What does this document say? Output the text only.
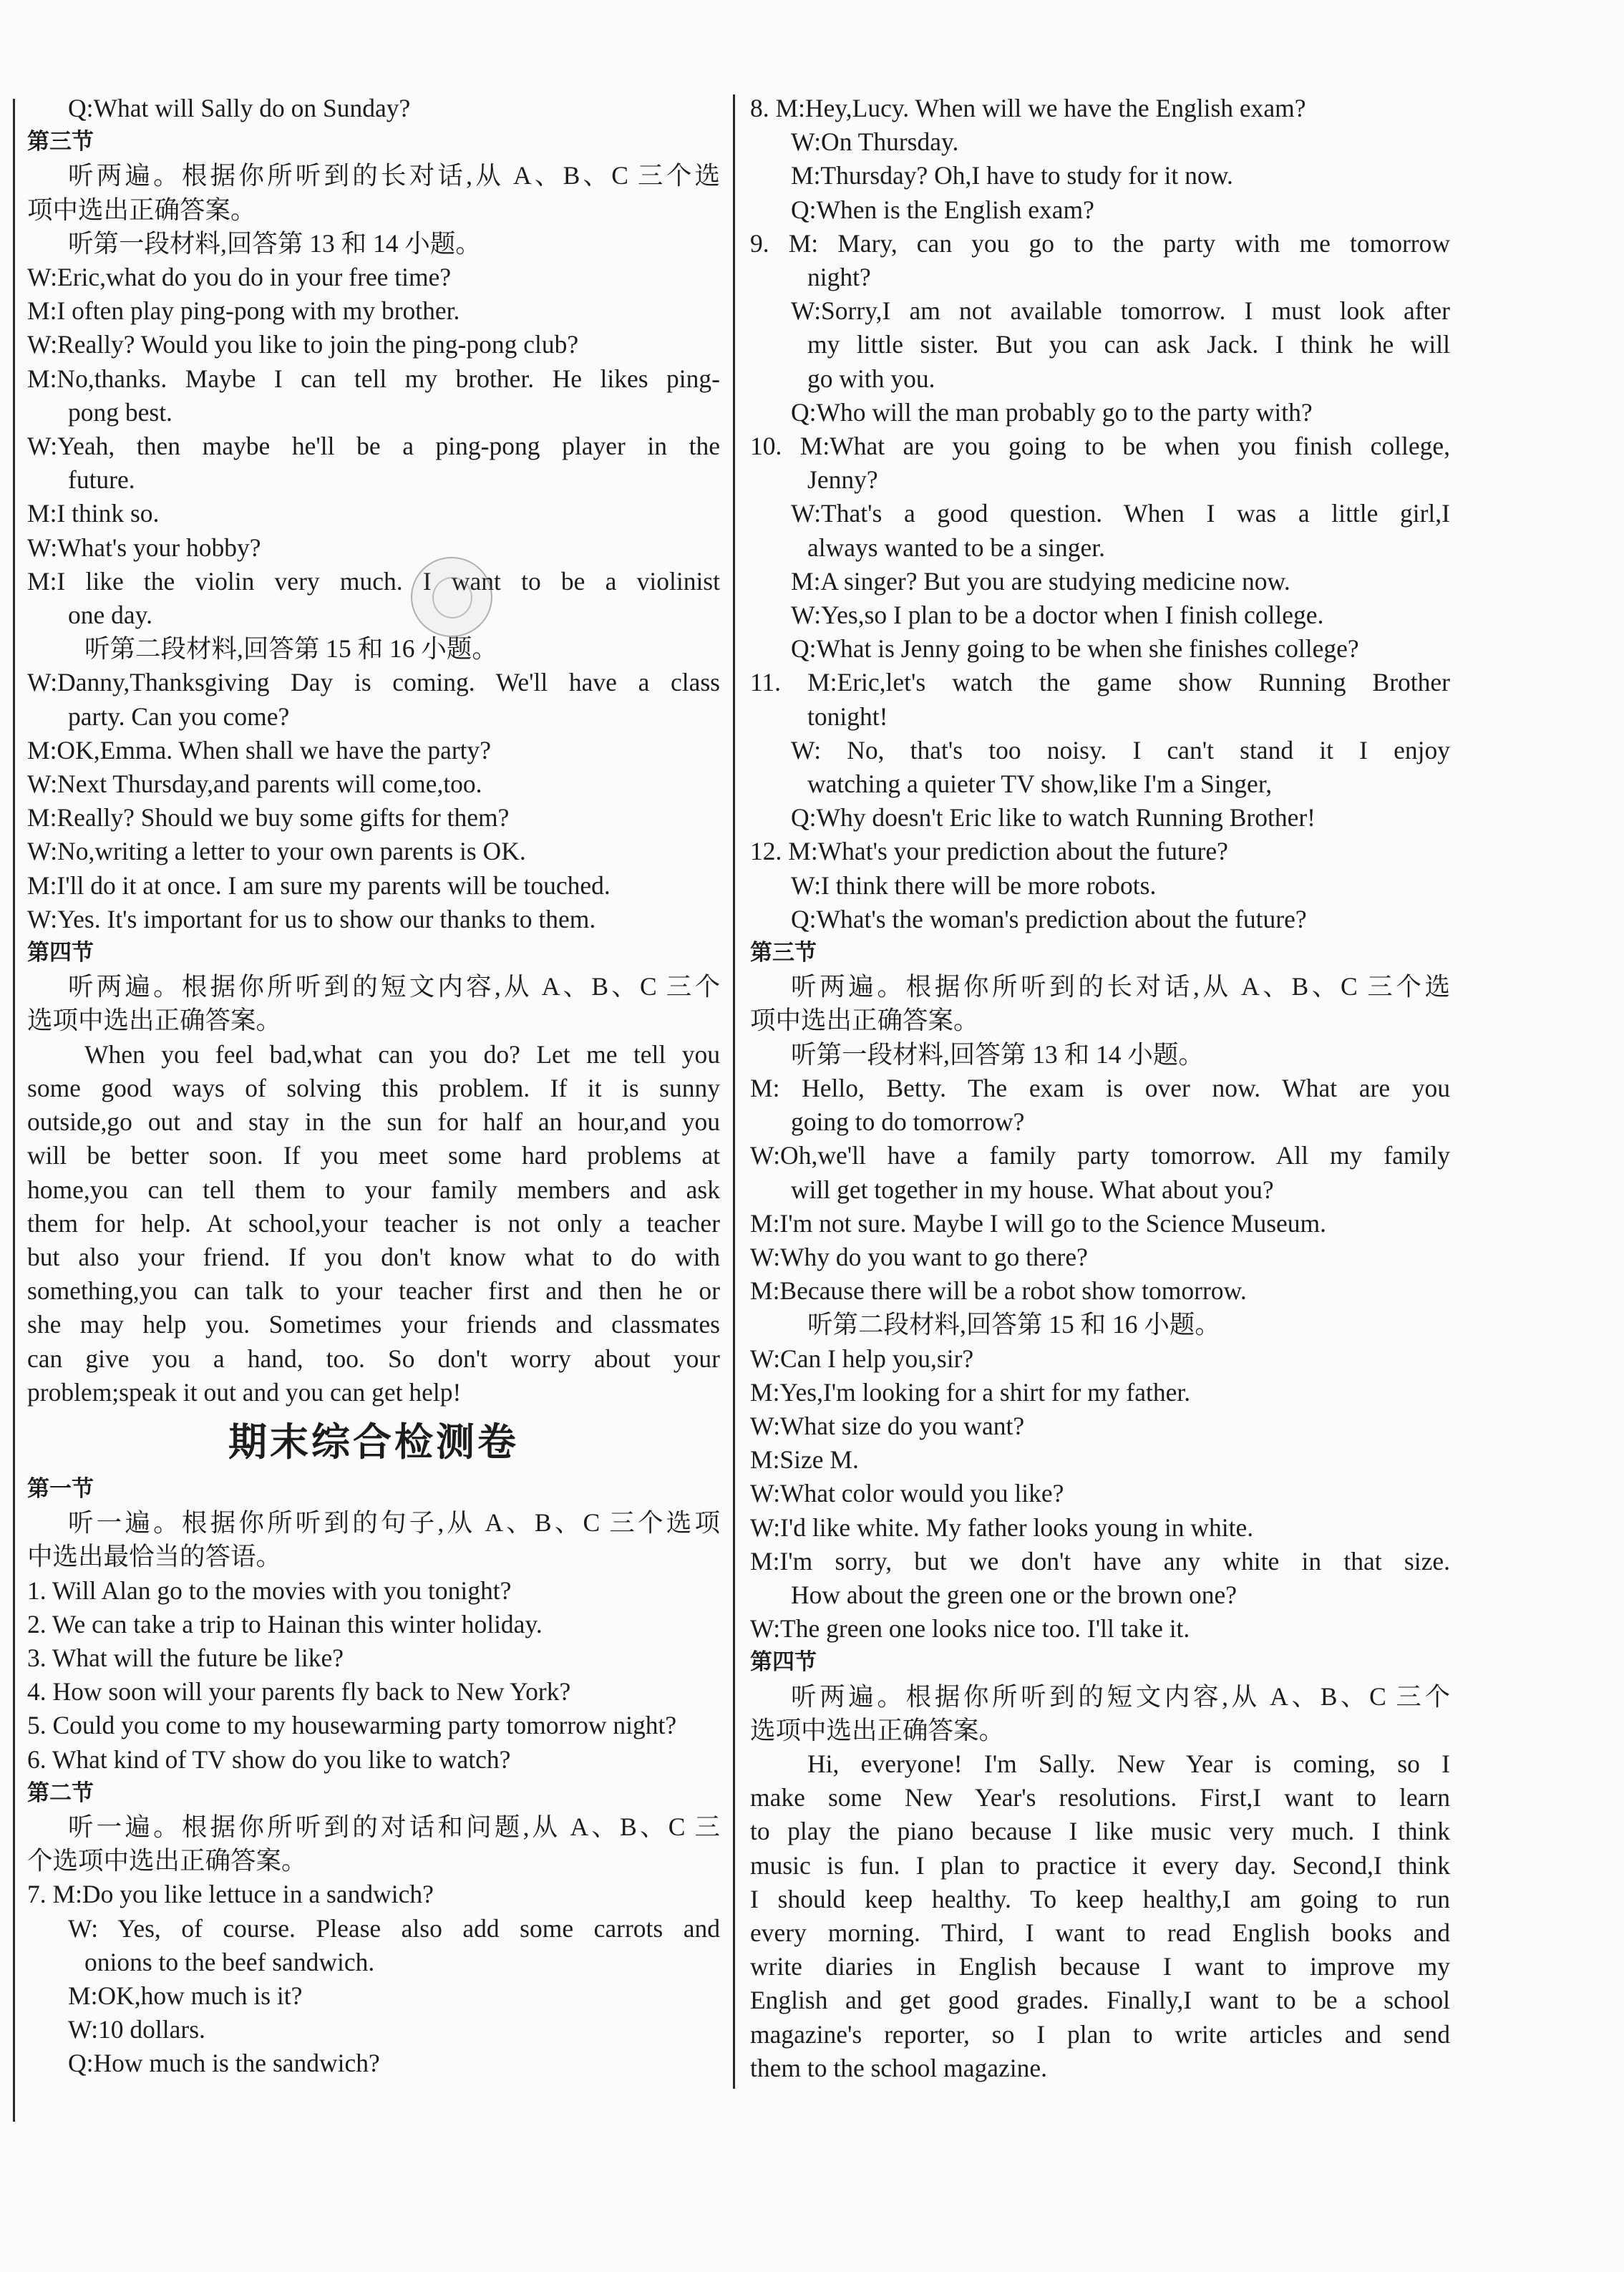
Q:What will Sally do on Sunday?
第三节
听两遍。根据你所听到的长对话,从 A、B、C 三个选
项中选出正确答案。
听第一段材料,回答第 13 和 14 小题。
W:Eric,what do you do in your free time?
M:I often play ping-pong with my brother.
W:Really? Would you like to join the ping-pong club?
M:No,thanks. Maybe I can tell my brother. He likes ping-
pong best.
W:Yeah, then maybe he'll be a ping-pong player in the
future.
M:I think so.
W:What's your hobby?
M:I like the violin very much. I want to be a violinist
one day.
听第二段材料,回答第 15 和 16 小题。
W:Danny,Thanksgiving Day is coming. We'll have a class
party. Can you come?
M:OK,Emma. When shall we have the party?
W:Next Thursday,and parents will come,too.
M:Really? Should we buy some gifts for them?
W:No,writing a letter to your own parents is OK.
M:I'll do it at once. I am sure my parents will be touched.
W:Yes. It's important for us to show our thanks to them.
第四节
听两遍。根据你所听到的短文内容,从 A、B、C 三个
选项中选出正确答案。
When you feel bad,what can you do? Let me tell you
some good ways of solving this problem. If it is sunny
outside,go out and stay in the sun for half an hour,and you
will be better soon. If you meet some hard problems at
home,you can tell them to your family members and ask
them for help. At school,your teacher is not only a teacher
but also your friend. If you don't know what to do with
something,you can talk to your teacher first and then he or
she may help you. Sometimes your friends and classmates
can give you a hand, too. So don't worry about your
problem;speak it out and you can get help!
期末综合检测卷
第一节
听一遍。根据你所听到的句子,从 A、B、C 三个选项
中选出最恰当的答语。
1. Will Alan go to the movies with you tonight?
2. We can take a trip to Hainan this winter holiday.
3. What will the future be like?
4. How soon will your parents fly back to New York?
5. Could you come to my housewarming party tomorrow night?
6. What kind of TV show do you like to watch?
第二节
听一遍。根据你所听到的对话和问题,从 A、B、C 三
个选项中选出正确答案。
7. M:Do you like lettuce in a sandwich?
W: Yes, of course. Please also add some carrots and
onions to the beef sandwich.
M:OK,how much is it?
W:10 dollars.
Q:How much is the sandwich?
8. M:Hey,Lucy. When will we have the English exam?
W:On Thursday.
M:Thursday? Oh,I have to study for it now.
Q:When is the English exam?
9. M: Mary, can you go to the party with me tomorrow
night?
W:Sorry,I am not available tomorrow. I must look after
my little sister. But you can ask Jack. I think he will
go with you.
Q:Who will the man probably go to the party with?
10. M:What are you going to be when you finish college,
Jenny?
W:That's a good question. When I was a little girl,I
always wanted to be a singer.
M:A singer? But you are studying medicine now.
W:Yes,so I plan to be a doctor when I finish college.
Q:What is Jenny going to be when she finishes college?
11. M:Eric,let's watch the game show Running Brother
tonight!
W: No, that's too noisy. I can't stand it I enjoy
watching a quieter TV show,like I'm a Singer,
Q:Why doesn't Eric like to watch Running Brother!
12. M:What's your prediction about the future?
W:I think there will be more robots.
Q:What's the woman's prediction about the future?
第三节
听两遍。根据你所听到的长对话,从 A、B、C 三个选
项中选出正确答案。
听第一段材料,回答第 13 和 14 小题。
M: Hello, Betty. The exam is over now. What are you
going to do tomorrow?
W:Oh,we'll have a family party tomorrow. All my family
will get together in my house. What about you?
M:I'm not sure. Maybe I will go to the Science Museum.
W:Why do you want to go there?
M:Because there will be a robot show tomorrow.
听第二段材料,回答第 15 和 16 小题。
W:Can I help you,sir?
M:Yes,I'm looking for a shirt for my father.
W:What size do you want?
M:Size M.
W:What color would you like?
W:I'd like white. My father looks young in white.
M:I'm sorry, but we don't have any white in that size.
How about the green one or the brown one?
W:The green one looks nice too. I'll take it.
第四节
听两遍。根据你所听到的短文内容,从 A、B、C 三个
选项中选出正确答案。
Hi, everyone! I'm Sally. New Year is coming, so I
make some New Year's resolutions. First,I want to learn
to play the piano because I like music very much. I think
music is fun. I plan to practice it every day. Second,I think
I should keep healthy. To keep healthy,I am going to run
every morning. Third, I want to read English books and
write diaries in English because I want to improve my
English and get good grades. Finally,I want to be a school
magazine's reporter, so I plan to write articles and send
them to the school magazine.
